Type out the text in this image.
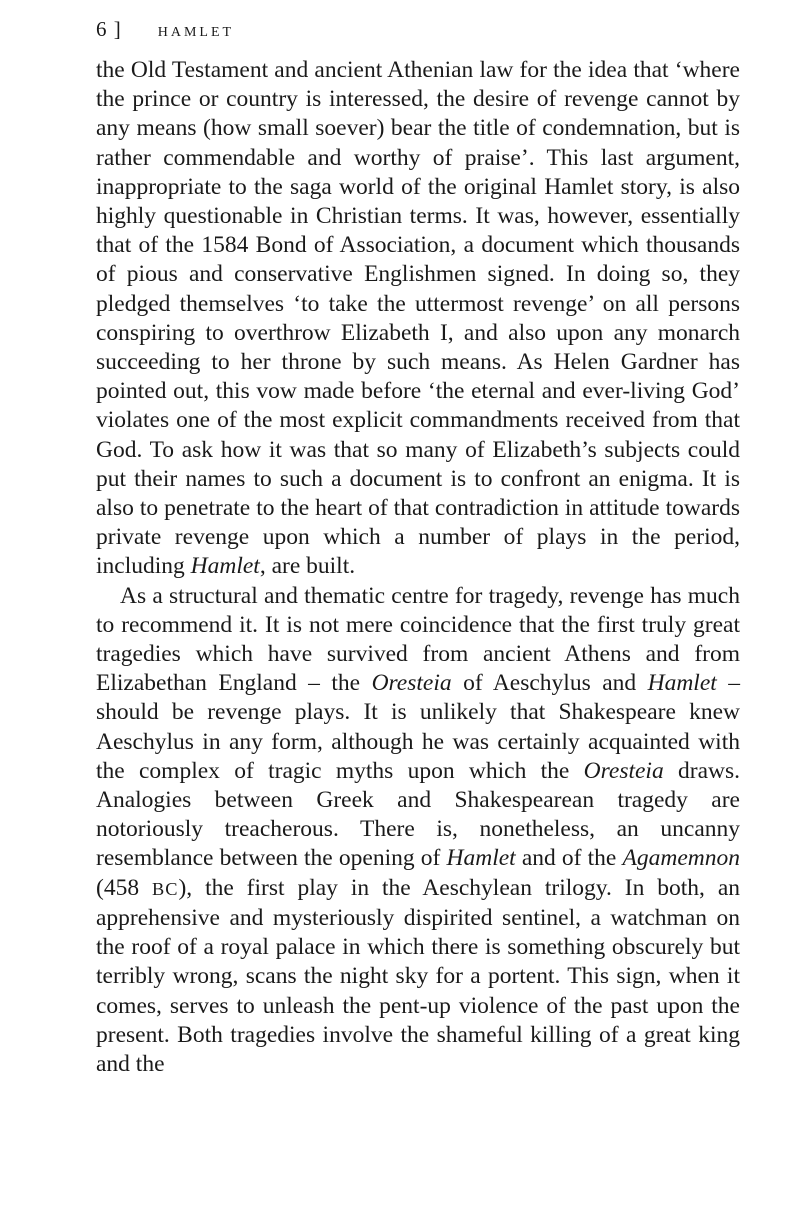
6 ]	HAMLET

the Old Testament and ancient Athenian law for the idea that ‘where the prince or country is interessed, the desire of revenge cannot by any means (how small soever) bear the title of condemnation, but is rather commendable and worthy of praise’. This last argument, inappropriate to the saga world of the original Hamlet story, is also highly questionable in Christian terms. It was, however, essentially that of the 1584 Bond of Association, a document which thousands of pious and conservative Englishmen signed. In doing so, they pledged themselves ‘to take the uttermost revenge’ on all persons conspiring to overthrow Elizabeth I, and also upon any monarch succeeding to her throne by such means. As Helen Gardner has pointed out, this vow made before ‘the eternal and ever-living God’ violates one of the most explicit commandments received from that God. To ask how it was that so many of Elizabeth’s subjects could put their names to such a document is to confront an enigma. It is also to penetrate to the heart of that contradiction in attitude towards private revenge upon which a number of plays in the period, including Hamlet, are built.

As a structural and thematic centre for tragedy, revenge has much to recommend it. It is not mere coincidence that the first truly great tragedies which have survived from ancient Athens and from Elizabethan England – the Oresteia of Aeschylus and Hamlet – should be revenge plays. It is unlikely that Shakespeare knew Aeschylus in any form, although he was certainly acquainted with the complex of tragic myths upon which the Oresteia draws. Analogies between Greek and Shakespearean tragedy are notoriously treacherous. There is, nonetheless, an uncanny resemblance between the opening of Hamlet and of the Agamemnon (458 BC), the first play in the Aeschylean trilogy. In both, an apprehensive and mysteriously dispirited sentinel, a watchman on the roof of a royal palace in which there is something obscurely but terribly wrong, scans the night sky for a portent. This sign, when it comes, serves to unleash the pent-up violence of the past upon the present. Both tragedies involve the shameful killing of a great king and the
